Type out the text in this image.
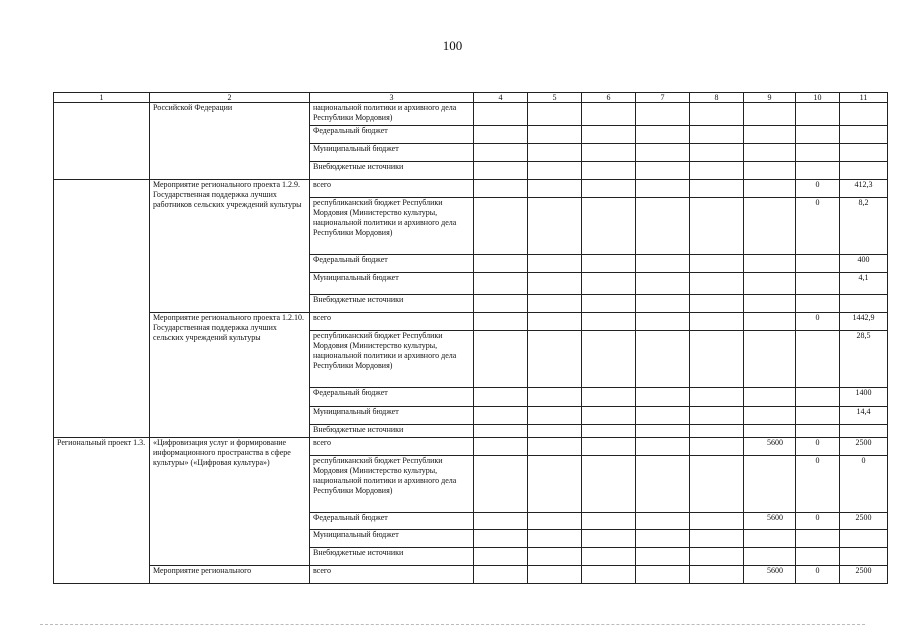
100
1	2	3	4	5	6	7	8	9	10	11
	Российской Федерации	национальной политики и архивного дела Республики Мордовия)								
		Федеральный бюджет								
		Муниципальный бюджет								
		Внебюджетные источники								
	Мероприятие регионального проекта 1.2.9. Государственная поддержка лучших работников сельских учреждений культуры	всего							0	412,3
		республиканский бюджет Республики Мордовия (Министерство культуры, национальной политики и архивного дела Республики Мордовия)							0	8,2
		Федеральный бюджет								400
		Муниципальный бюджет								4,1
		Внебюджетные источники								
	Мероприятие регионального проекта 1.2.10. Государственная поддержка лучших сельских учреждений культуры	всего							0	1442,9
		республиканский бюджет Республики Мордовия (Министерство культуры, национальной политики и архивного дела Республики Мордовия)								28,5
		Федеральный бюджет								1400
		Муниципальный бюджет								14,4
		Внебюджетные источники								
Региональный проект 1.3.	«Цифровизация услуг и формирование информационного пространства в сфере культуры» («Цифровая культура»)	всего						5600	0	2500
		республиканский бюджет Республики Мордовия (Министерство культуры, национальной политики и архивного дела Республики Мордовия)							0	0
		Федеральный бюджет						5600	0	2500
		Муниципальный бюджет								
		Внебюджетные источники								
	Мероприятие регионального	всего						5600	0	2500
